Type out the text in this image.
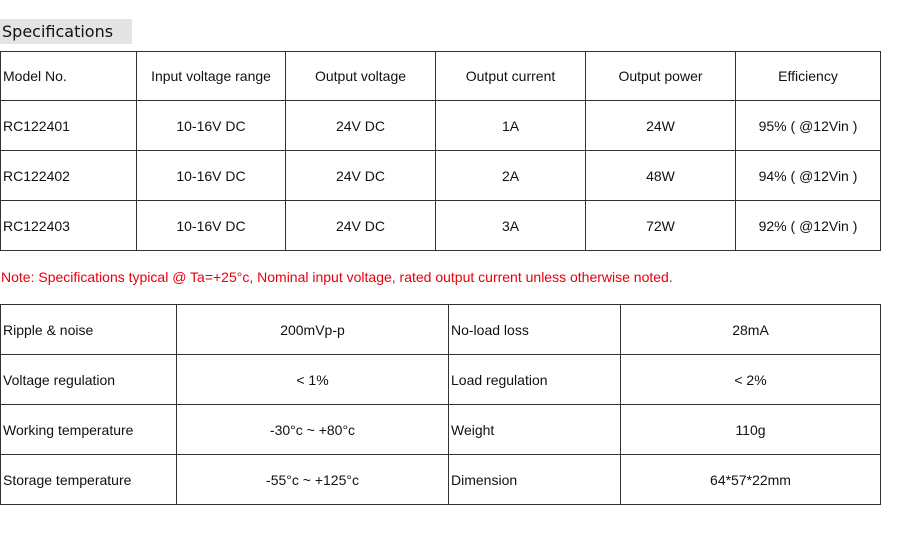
Specifications
Model No.	Input voltage range	Output voltage	Output current	Output power	Efficiency
RC122401	10-16V DC	24V DC	1A	24W	95% ( @12Vin )
RC122402	10-16V DC	24V DC	2A	48W	94% ( @12Vin )
RC122403	10-16V DC	24V DC	3A	72W	92% ( @12Vin )
Note: Specifications typical @ Ta=+25°c, Nominal input voltage, rated output current unless otherwise noted.
Ripple & noise	200mVp-p	No-load loss	28mA
Voltage regulation	< 1%	Load regulation	< 2%
Working temperature	-30°c ~ +80°c	Weight	110g
Storage temperature	-55°c ~ +125°c	Dimension	64*57*22mm
